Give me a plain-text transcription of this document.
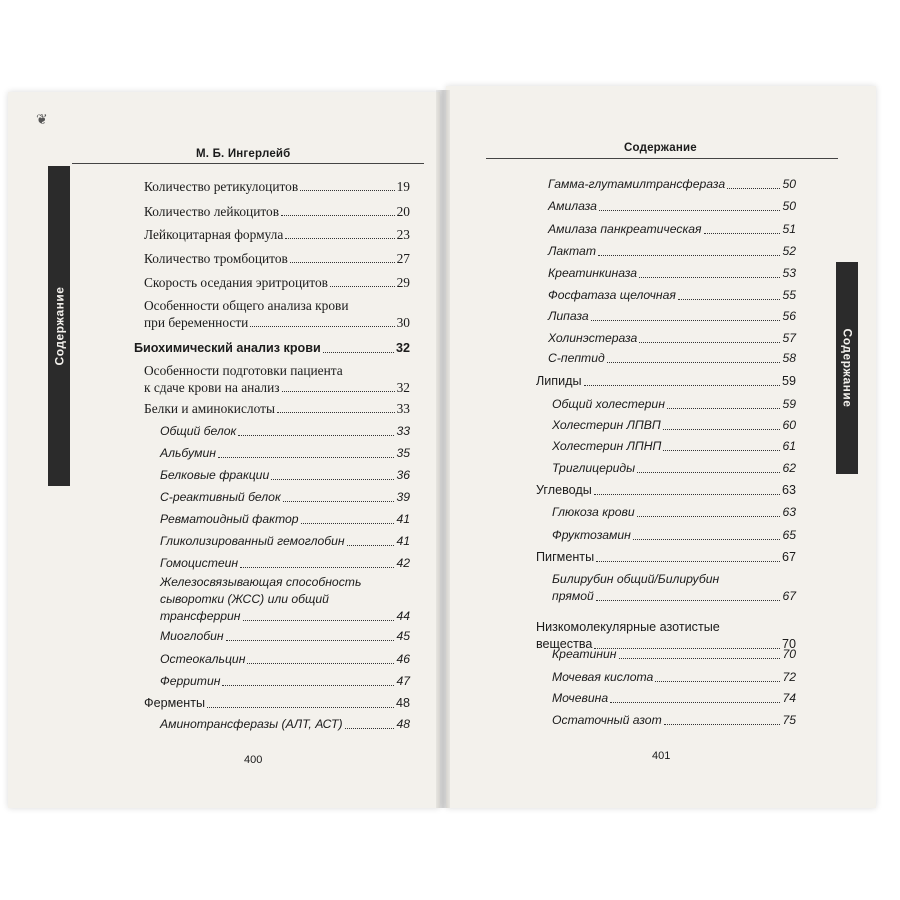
❦
М. Б. Ингерлейб	Содержание
Содержание
Содержание
Количество ретикулоцитов	19
Количество лейкоцитов	20
Лейкоцитарная формула	23
Количество тромбоцитов	27
Скорость оседания эритроцитов	29
Особенности общего анализа крови
при беременности	30
Биохимический анализ крови	32
Особенности подготовки пациента
к сдаче крови на анализ	32
Белки и аминокислоты	33
Общий белок	33
Альбумин	35
Белковые фракции	36
С-реактивный белок	39
Ревматоидный фактор	41
Гликолизированный гемоглобин	41
Гомоцистеин	42
Железосвязывающая способность
сыворотки (ЖСС) или общий
трансферрин	44
Миоглобин	45
Остеокальцин	46
Ферритин	47
Ферменты	48
Аминотрансферазы (АЛТ, АСТ)	48
Гамма-глутамилтрансфераза	50
Амилаза	50
Амилаза панкреатическая	51
Лактат	52
Креатинкиназа	53
Фосфатаза щелочная	55
Липаза	56
Холинэстераза	57
С-пептид	58
Липиды	59
Общий холестерин	59
Холестерин ЛПВП	60
Холестерин ЛПНП	61
Триглицериды	62
Углеводы	63
Глюкоза крови	63
Фруктозамин	65
Пигменты	67
Билирубин общий/Билирубин
прямой	67
Низкомолекулярные азотистые
вещества	70
Креатинин	70
Мочевая кислота	72
Мочевина	74
Остаточный азот	75
400	401
